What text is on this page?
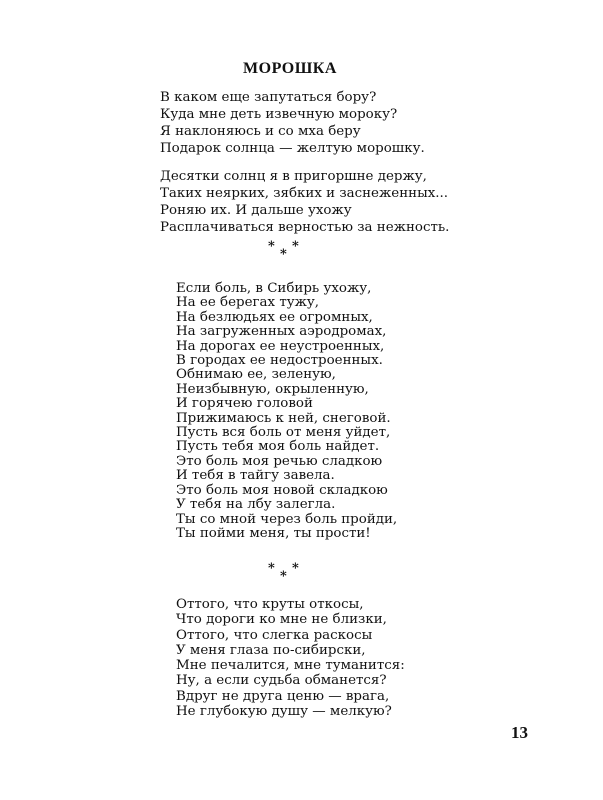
МОРОШКА
В каком еще запутаться бору?
Куда мне деть извечную мороку?
Я наклоняюсь и со мха беру
Подарок солнца — желтую морошку.
Десятки солнц я в пригоршне держу,
Таких неярких, зябких и заснеженных...
Роняю их. И дальше ухожу
Расплачиваться верностью за нежность.
*
*
*
Если боль, в Сибирь ухожу,
На ее берегах тужу,
На безлюдьях ее огромных,
На загруженных аэродромах,
На дорогах ее неустроенных,
В городах ее недостроенных.
Обнимаю ее, зеленую,
Неизбывную, окрыленную,
И горячею головой
Прижимаюсь к ней, снеговой.
Пусть вся боль от меня уйдет,
Пусть тебя моя боль найдет.
Это боль моя речью сладкою
И тебя в тайгу завела.
Это боль моя новой складкою
У тебя на лбу залегла.
Ты со мной через боль пройди,
Ты пойми меня, ты прости!
*
*
*
Оттого, что круты откосы,
Что дороги ко мне не близки,
Оттого, что слегка раскосы
У меня глаза по-сибирски,
Мне печалится, мне туманится:
Ну, а если судьба обманется?
Вдруг не друга ценю — врага,
Не глубокую душу — мелкую?
13
